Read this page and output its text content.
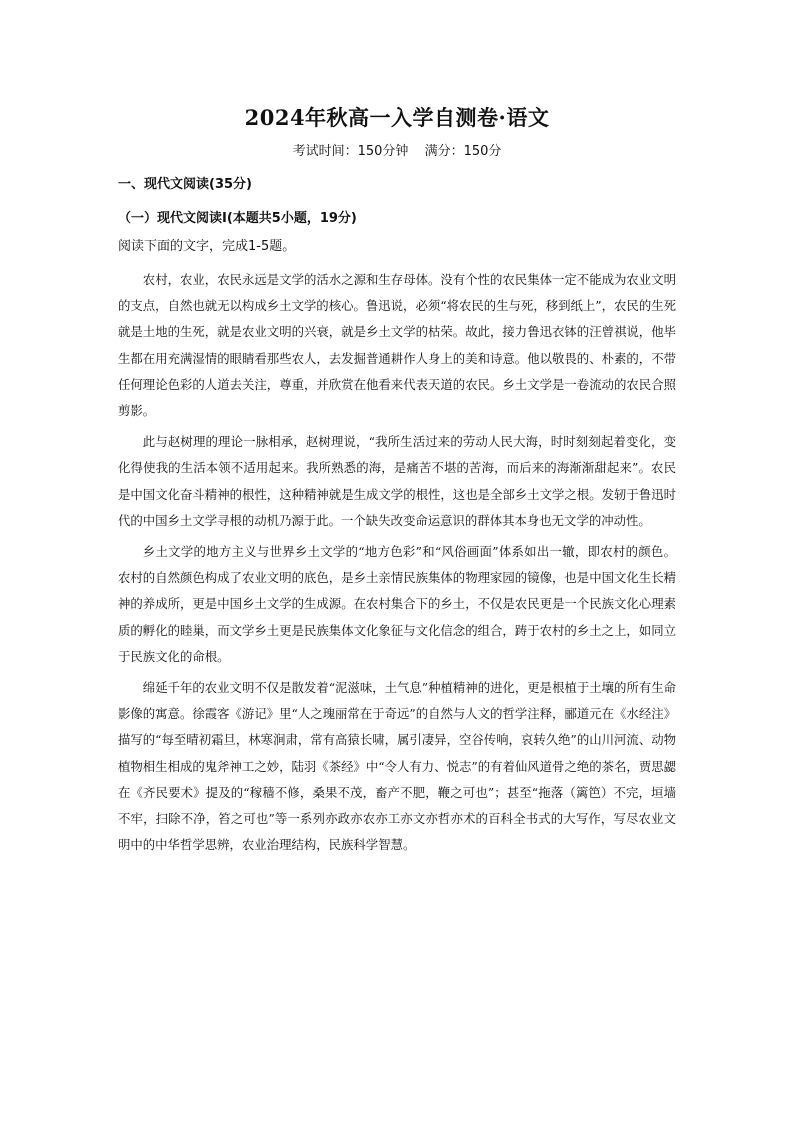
2024年秋高一入学自测卷·语文
考试时间：150分钟 满分：150分
一、现代文阅读(35分)
（一）现代文阅读Ⅰ(本题共5小题，19分)
阅读下面的文字，完成1-5题。

农村，农业，农民永远是文学的活水之源和生存母体。没有个性的农民集体一定不能成为农业文明的支点，自然也就无以构成乡土文学的核心。鲁迅说，必须“将农民的生与死，移到纸上”，农民的生死就是土地的生死，就是农业文明的兴衰，就是乡土文学的枯荣。故此，接力鲁迅衣钵的汪曾祺说，他毕生都在用充满湿情的眼睛看那些农人，去发掘普通耕作人身上的美和诗意。他以敬畏的、朴素的，不带任何理论色彩的人道去关注，尊重，并欣赏在他看来代表天道的农民。乡土文学是一卷流动的农民合照剪影。

此与赵树理的理论一脉相承，赵树理说，“我所生活过来的劳动人民大海，时时刻刻起着变化，变化得使我的生活本领不适用起来。我所熟悉的海，是痛苦不堪的苦海，而后来的海渐渐甜起来”。农民是中国文化奋斗精神的根性，这种精神就是生成文学的根性，这也是全部乡土文学之根。发轫于鲁迅时代的中国乡土文学寻根的动机乃源于此。一个缺失改变命运意识的群体其本身也无文学的冲动性。

乡土文学的地方主义与世界乡土文学的“地方色彩”和“风俗画面”体系如出一辙，即农村的颜色。农村的自然颜色构成了农业文明的底色，是乡土亲情民族集体的物理家园的镜像，也是中国文化生长精神的养成所，更是中国乡土文学的生成源。在农村集合下的乡土，不仅是农民更是一个民族文化心理素质的孵化的睦巢，而文学乡土更是民族集体文化象征与文化信念的组合，踌于农村的乡土之上，如同立于民族文化的命根。

绵延千年的农业文明不仅是散发着“泥滋味，土气息”种植精神的进化，更是根植于土壤的所有生命影像的寓意。徐霞客《游记》里“人之瑰丽常在于奇远”的自然与人文的哲学注释，郦道元在《水经注》描写的“每至晴初霜旦，林寒涧肃，常有高猿长啸，属引凄异，空谷传响，哀转久绝”的山川河流、动物植物相生相成的鬼斧神工之妙，陆羽《茶经》中“令人有力、悦志”的有着仙风道骨之绝的茶名，贾思勰在《齐民要术》提及的“稼穑不修，桑果不茂，畜产不肥，鞭之可也”；甚至“拖落（篱笆）不完，垣墙不牢，扫除不净，笞之可也”等一系列亦政亦农亦工亦文亦哲亦术的百科全书式的大写作，写尽农业文明中的中华哲学思辨，农业治理结构，民族科学智慧。
